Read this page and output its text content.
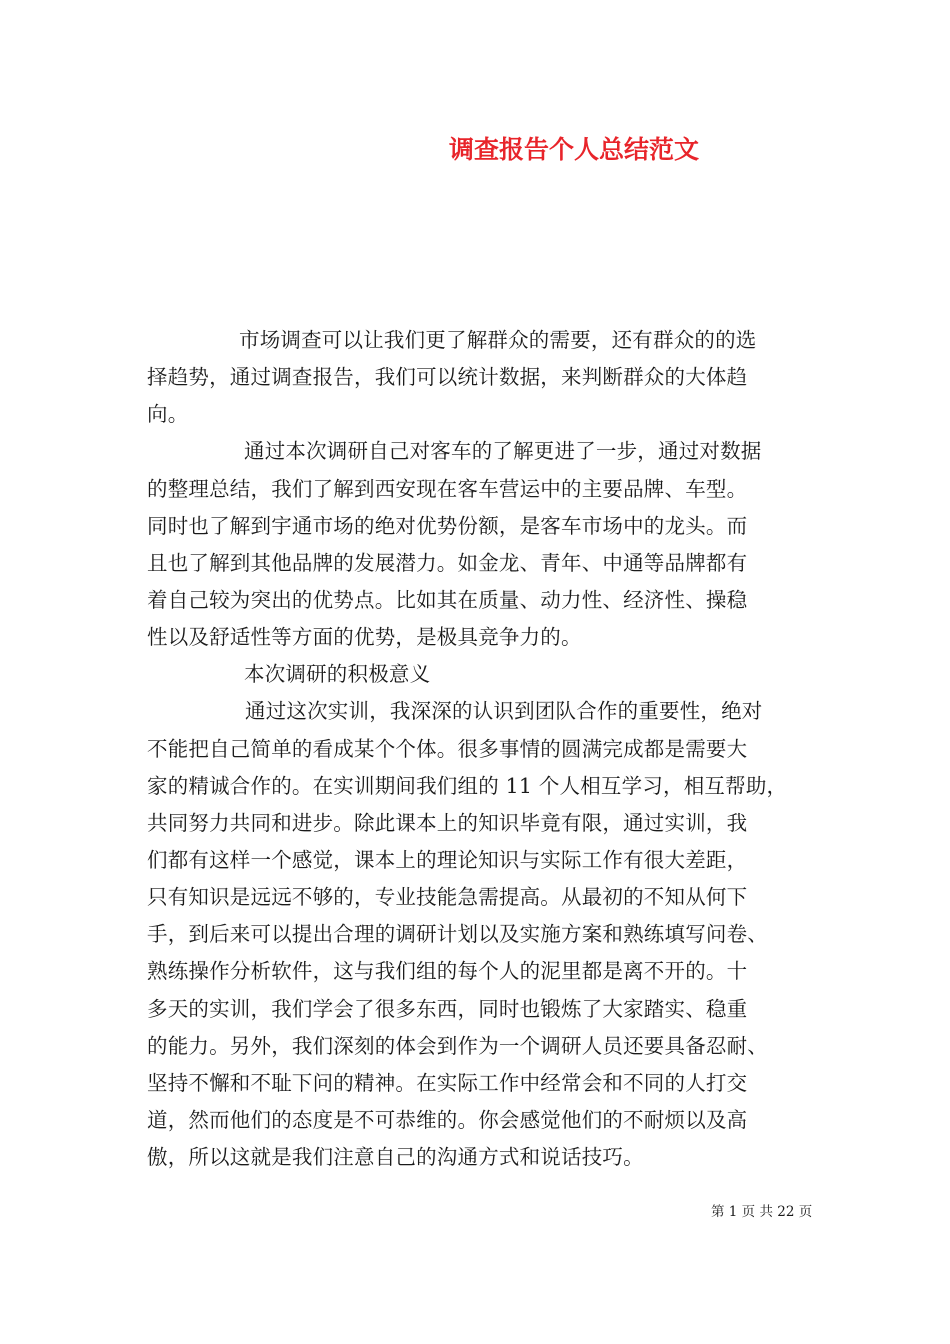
调查报告个人总结范文
市场调查可以让我们更了解群众的需要，还有群众的的选
择趋势，通过调查报告，我们可以统计数据，来判断群众的大体趋
向。
通过本次调研自己对客车的了解更进了一步，通过对数据
的整理总结，我们了解到西安现在客车营运中的主要品牌、车型。
同时也了解到宇通市场的绝对优势份额，是客车市场中的龙头。而
且也了解到其他品牌的发展潜力。如金龙、青年、中通等品牌都有
着自己较为突出的优势点。比如其在质量、动力性、经济性、操稳
性以及舒适性等方面的优势，是极具竞争力的。
本次调研的积极意义
通过这次实训，我深深的认识到团队合作的重要性，绝对
不能把自己简单的看成某个个体。很多事情的圆满完成都是需要大
家的精诚合作的。在实训期间我们组的 11 个人相互学习，相互帮助，
共同努力共同和进步。除此课本上的知识毕竟有限，通过实训，我
们都有这样一个感觉，课本上的理论知识与实际工作有很大差距，
只有知识是远远不够的，专业技能急需提高。从最初的不知从何下
手，到后来可以提出合理的调研计划以及实施方案和熟练填写问卷、
熟练操作分析软件，这与我们组的每个人的泥里都是离不开的。十
多天的实训，我们学会了很多东西，同时也锻炼了大家踏实、稳重
的能力。另外，我们深刻的体会到作为一个调研人员还要具备忍耐、
坚持不懈和不耻下问的精神。在实际工作中经常会和不同的人打交
道，然而他们的态度是不可恭维的。你会感觉他们的不耐烦以及高
傲，所以这就是我们注意自己的沟通方式和说话技巧。
第 1 页 共 22 页
